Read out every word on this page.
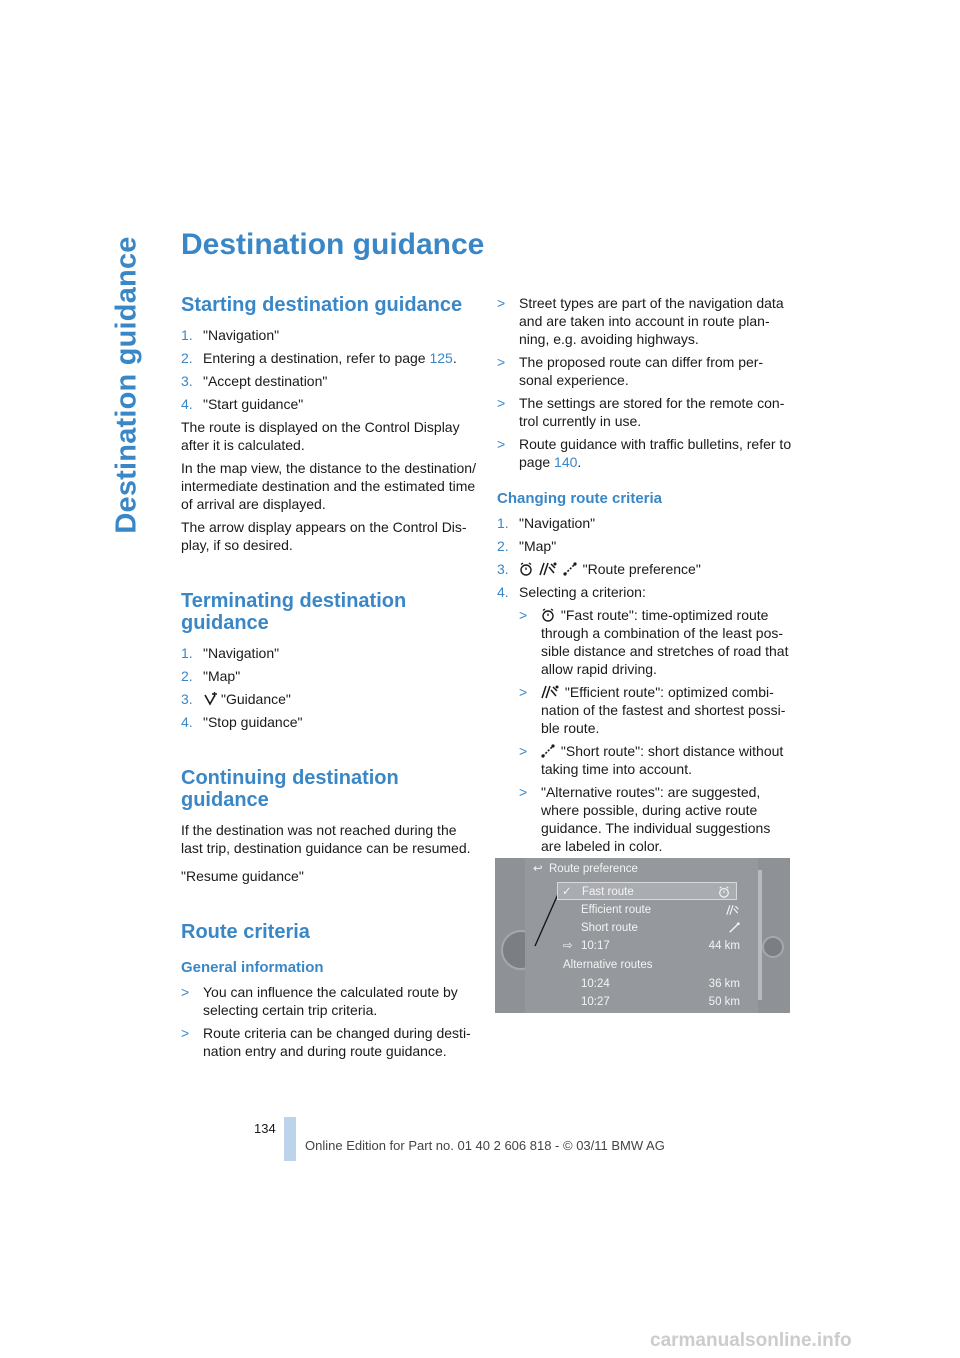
Destination guidance Destination guidance
Starting destination guidance
1. "Navigation"
2. Entering a destination, refer to page 125.
3. "Accept destination"
4. "Start guidance"

The route is displayed on the Control Display after it is calculated.

In the map view, the distance to the destination/ intermediate destination and the estimated time of arrival are displayed.

The arrow display appears on the Control Dis-play, if so desired.

Terminating destination guidance
1. "Navigation"
2. "Map"
3.	"Guidance"
4. "Stop guidance"
Continuing destination guidance

If the destination was not reached during the last trip, destination guidance can be resumed.

"Resume guidance"

Route criteria
General information
> You can influence the calculated route by selecting certain trip criteria.
> Route criteria can be changed during desti-nation entry and during route guidance.
> Street types are part of the navigation data and are taken into account in route plan-ning, e.g. avoiding highways.
> The proposed route can differ from per-sonal experience.
> The settings are stored for the remote con-trol currently in use.
> Route guidance with traffic bulletins, refer to page 140.
Changing route criteria
1. "Navigation"
2. "Map"
3.

	"Route preference"
4. Selecting a criterion:
>	"Fast route": time-optimized route through a combination of the least pos-sible distance and stretches of road that allow rapid driving.
>	"Efficient route": optimized combi-nation of the fastest and shortest possi-ble route.
>	"Short route": short distance without taking time into account.
> "Alternative routes": are suggested, where possible, during active route guidance. The individual suggestions are labeled in color.
↩ Route preference
✓ Fast route
Efficient route
Short route
⇨ 10:17	44 km
Alternative routes
10:24	36 km
10:27	50 km
134
Online Edition for Part no. 01 40 2 606 818 - © 03/11 BMW AG
carmanualsonline.info
